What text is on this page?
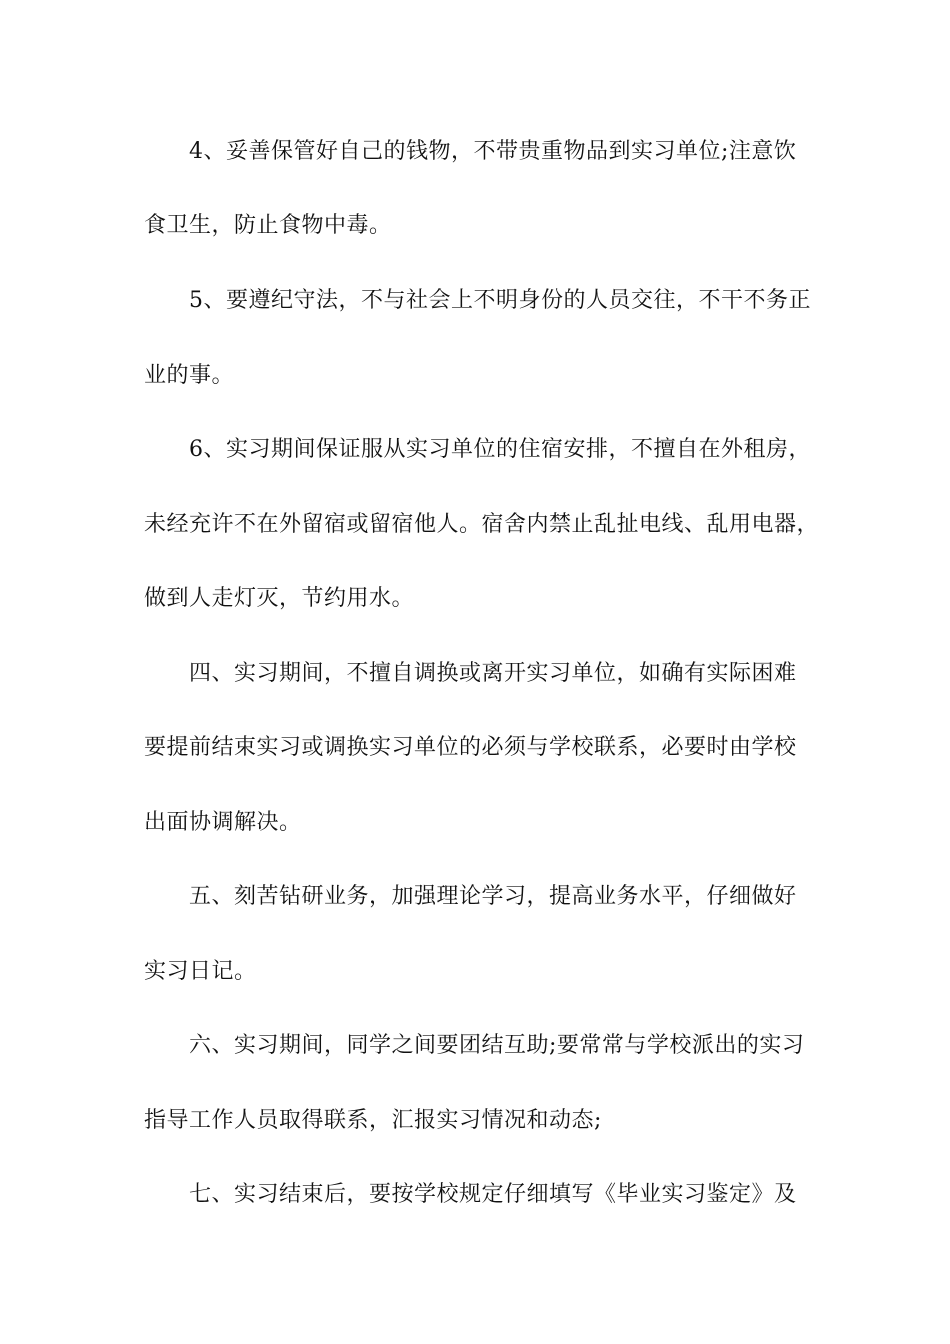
4、妥善保管好自己的钱物，不带贵重物品到实习单位;注意饮
食卫生，防止食物中毒。
5、要遵纪守法，不与社会上不明身份的人员交往，不干不务正
业的事。
6、实习期间保证服从实习单位的住宿安排，不擅自在外租房，
未经充许不在外留宿或留宿他人。宿舍内禁止乱扯电线、乱用电器，
做到人走灯灭，节约用水。
四、实习期间，不擅自调换或离开实习单位，如确有实际困难
要提前结束实习或调换实习单位的必须与学校联系，必要时由学校
出面协调解决。
五、刻苦钻研业务，加强理论学习，提高业务水平，仔细做好
实习日记。
六、实习期间，同学之间要团结互助;要常常与学校派出的实习
指导工作人员取得联系，汇报实习情况和动态;
七、实习结束后，要按学校规定仔细填写《毕业实习鉴定》及
